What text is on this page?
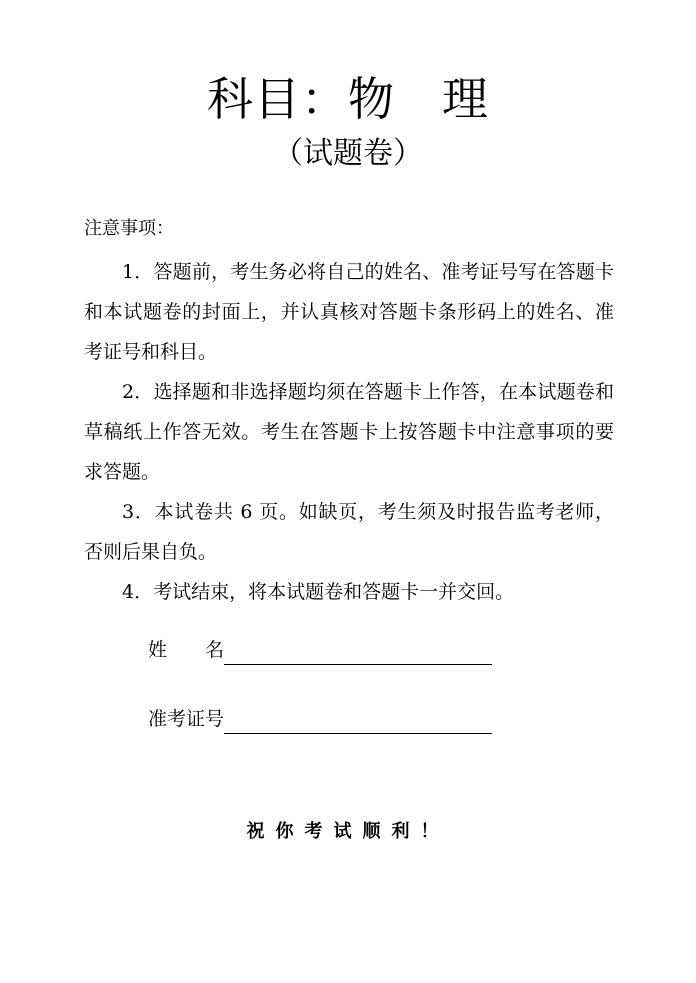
科目：物　理
（试题卷）
注意事项：
1．答题前，考生务必将自己的姓名、准考证号写在答题卡和本试题卷的封面上，并认真核对答题卡条形码上的姓名、准考证号和科目。
2．选择题和非选择题均须在答题卡上作答，在本试题卷和草稿纸上作答无效。考生在答题卡上按答题卡中注意事项的要求答题。
3．本试卷共 6 页。如缺页，考生须及时报告监考老师，否则后果自负。
4．考试结束，将本试题卷和答题卡一并交回。
姓　　名
准考证号
祝你考试顺利！
